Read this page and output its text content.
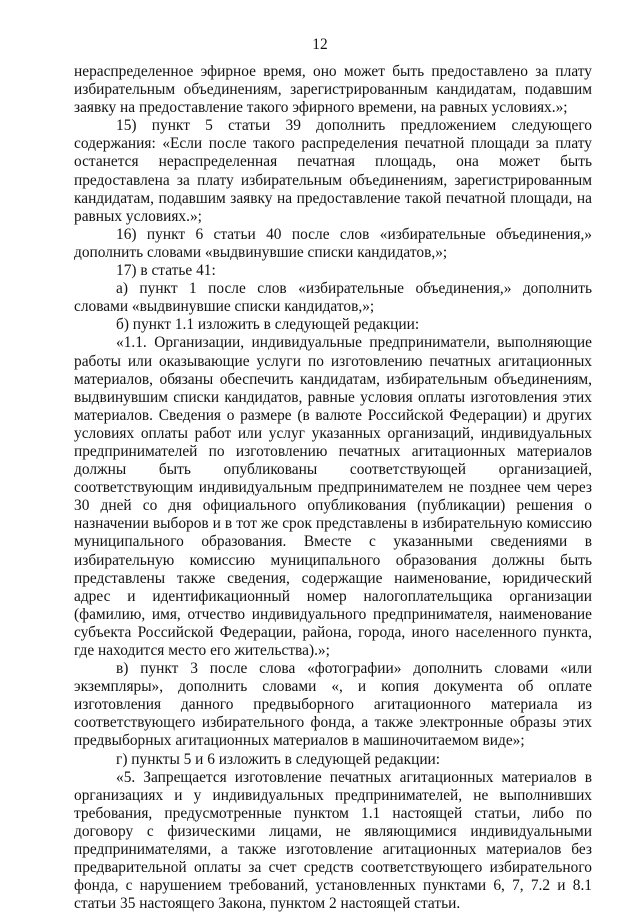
12

нераспределенное эфирное время, оно может быть предоставлено за плату избирательным объединениям, зарегистрированным кандидатам, подавшим заявку на предоставление такого эфирного времени, на равных условиях.»;

15) пункт 5 статьи 39 дополнить предложением следующего содержания: «Если после такого распределения печатной площади за плату останется нераспределенная печатная площадь, она может быть предоставлена за плату избирательным объединениям, зарегистрированным кандидатам, подавшим заявку на предоставление такой печатной площади, на равных условиях.»;

16) пункт 6 статьи 40 после слов «избирательные объединения,» дополнить словами «выдвинувшие списки кандидатов,»;

17) в статье 41:

а) пункт 1 после слов «избирательные объединения,» дополнить словами «выдвинувшие списки кандидатов,»;

б) пункт 1.1 изложить в следующей редакции:

«1.1. Организации, индивидуальные предприниматели, выполняющие работы или оказывающие услуги по изготовлению печатных агитационных материалов, обязаны обеспечить кандидатам, избирательным объединениям, выдвинувшим списки кандидатов, равные условия оплаты изготовления этих материалов. Сведения о размере (в валюте Российской Федерации) и других условиях оплаты работ или услуг указанных организаций, индивидуальных предпринимателей по изготовлению печатных агитационных материалов должны быть опубликованы соответствующей организацией, соответствующим индивидуальным предпринимателем не позднее чем через 30 дней со дня официального опубликования (публикации) решения о назначении выборов и в тот же срок представлены в избирательную комиссию муниципального образования. Вместе с указанными сведениями в избирательную комиссию муниципального образования должны быть представлены также сведения, содержащие наименование, юридический адрес и идентификационный номер налогоплательщика организации (фамилию, имя, отчество индивидуального предпринимателя, наименование субъекта Российской Федерации, района, города, иного населенного пункта, где находится место его жительства).»;

в) пункт 3 после слова «фотографии» дополнить словами «или экземпляры», дополнить словами «, и копия документа об оплате изготовления данного предвыборного агитационного материала из соответствующего избирательного фонда, а также электронные образы этих предвыборных агитационных материалов в машиночитаемом виде»;

г) пункты 5 и 6 изложить в следующей редакции:

«5. Запрещается изготовление печатных агитационных материалов в организациях и у индивидуальных предпринимателей, не выполнивших требования, предусмотренные пунктом 1.1 настоящей статьи, либо по договору с физическими лицами, не являющимися индивидуальными предпринимателями, а также изготовление агитационных материалов без предварительной оплаты за счет средств соответствующего избирательного фонда, с нарушением требований, установленных пунктами 6, 7, 7.2 и 8.1 статьи 35 настоящего Закона, пунктом 2 настоящей статьи.
